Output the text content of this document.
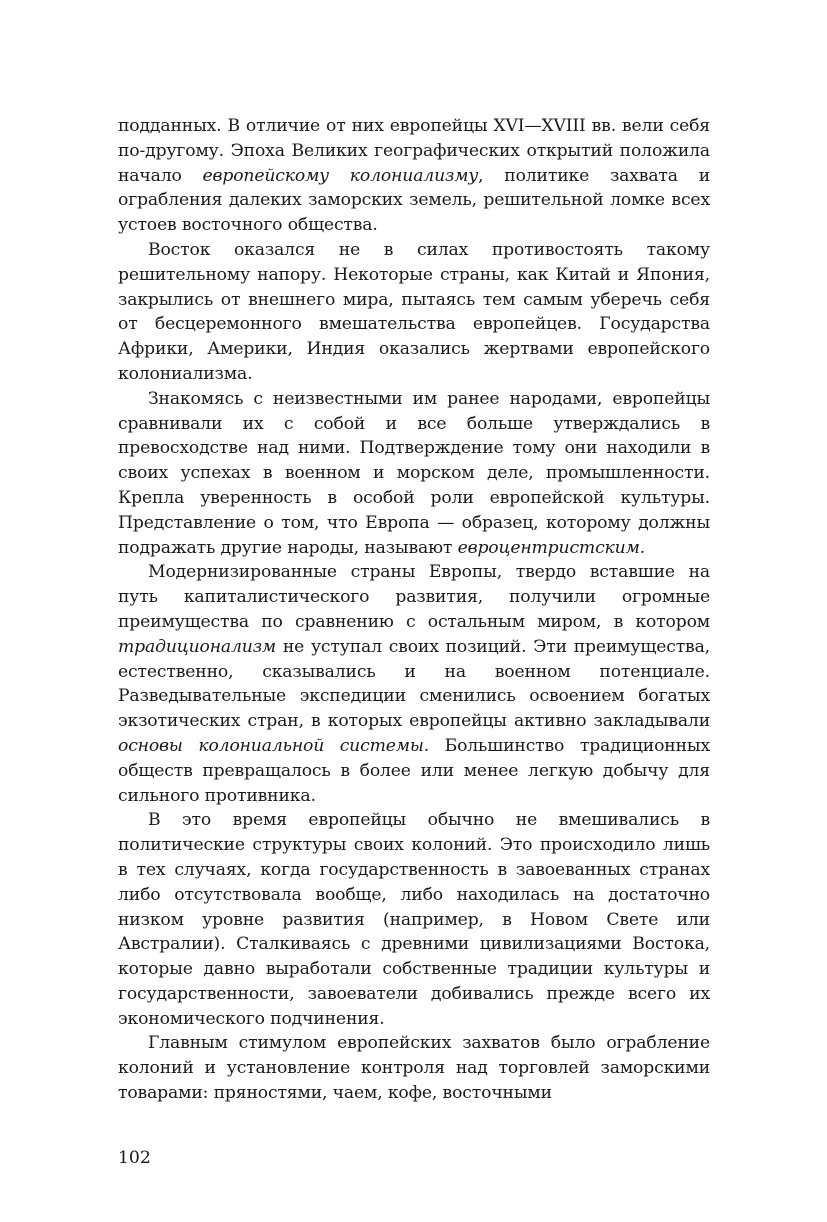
подданных. В отличие от них европейцы XVI—XVIII вв. вели себя по-другому. Эпоха Великих географических открытий положила начало европейскому колониализму, политике захвата и ограбления далеких заморских земель, решительной ломке всех устоев восточного общества.

Восток оказался не в силах противостоять такому решительному напору. Некоторые страны, как Китай и Япония, закрылись от внешнего мира, пытаясь тем самым уберечь себя от бесцеремонного вмешательства европейцев. Государства Африки, Америки, Индия оказались жертвами европейского колониализма.

Знакомясь с неизвестными им ранее народами, европейцы сравнивали их с собой и все больше утверждались в превосходстве над ними. Подтверждение тому они находили в своих успехах в военном и морском деле, промышленности. Крепла уверенность в особой роли европейской культуры. Представление о том, что Европа — образец, которому должны подражать другие народы, называют евроцентристским.

Модернизированные страны Европы, твердо вставшие на путь капиталистического развития, получили огромные преимущества по сравнению с остальным миром, в котором традиционализм не уступал своих позиций. Эти преимущества, естественно, сказывались и на военном потенциале. Разведывательные экспедиции сменились освоением богатых экзотических стран, в которых европейцы активно закладывали основы колониальной системы. Большинство традиционных обществ превращалось в более или менее легкую добычу для сильного противника.

В это время европейцы обычно не вмешивались в политические структуры своих колоний. Это происходило лишь в тех случаях, когда государственность в завоеванных странах либо отсутствовала вообще, либо находилась на достаточно низком уровне развития (например, в Новом Свете или Австралии). Сталкиваясь с древними цивилизациями Востока, которые давно выработали собственные традиции культуры и государственности, завоеватели добивались прежде всего их экономического подчинения.

Главным стимулом европейских захватов было ограбление колоний и установление контроля над торговлей заморскими товарами: пряностями, чаем, кофе, восточными

102
